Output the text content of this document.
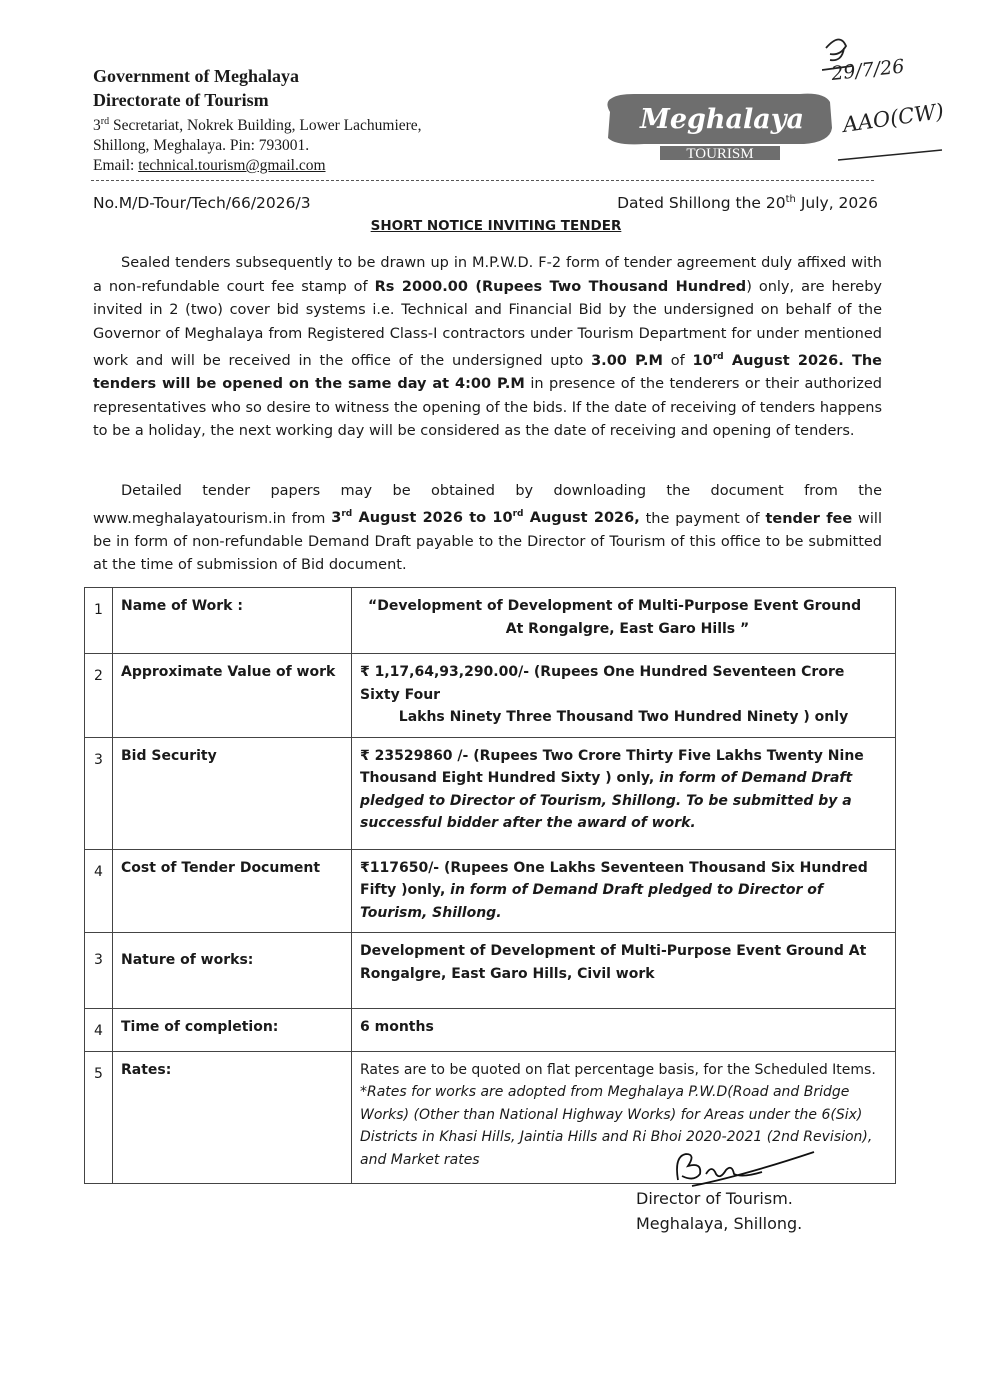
Government of Meghalaya
Directorate of Tourism
3rd Secretariat, Nokrek Building, Lower Lachumiere,
Shillong, Meghalaya. Pin: 793001.
Email: technical.tourism@gmail.com
Meghalaya
TOURISM
29/7/26
AAO(CW)
No.M/D-Tour/Tech/66/2026/3	Dated Shillong the 20th July, 2026
SHORT NOTICE INVITING TENDER
Sealed tenders subsequently to be drawn up in M.P.W.D. F-2 form of tender agreement duly affixed with a non-refundable court fee stamp of Rs 2000.00 (Rupees Two Thousand Hundred) only, are hereby invited in 2 (two) cover bid systems i.e. Technical and Financial Bid by the undersigned on behalf of the Governor of Meghalaya from Registered Class-I contractors under Tourism Department for under mentioned work and will be received in the office of the undersigned upto 3.00 P.M of 10rd August 2026. The tenders will be opened on the same day at 4:00 P.M in presence of the tenderers or their authorized representatives who so desire to witness the opening of the bids. If the date of receiving of tenders happens to be a holiday, the next working day will be considered as the date of receiving and opening of tenders.
Detailed tender papers may be obtained by downloading the document from the www.meghalayatourism.in from 3rd August 2026 to 10rd August 2026, the payment of tender fee will be in form of non-refundable Demand Draft payable to the Director of Tourism of this office to be submitted at the time of submission of Bid document.
1	Name of Work :	“Development of Development of Multi-Purpose Event Ground
At Rongalgre, East Garo Hills ”

2	Approximate Value of work	₹ 1,17,64,93,290.00/- (Rupees One Hundred Seventeen Crore Sixty Four
Lakhs Ninety Three Thousand Two Hundred Ninety ) only

3	Bid Security	₹ 23529860 /- (Rupees Two Crore Thirty Five Lakhs Twenty Nine Thousand Eight Hundred Sixty ) only, in form of Demand Draft pledged to Director of Tourism, Shillong. To be submitted by a successful bidder after the award of work.
4	Cost of Tender Document	₹117650/- (Rupees One Lakhs Seventeen Thousand Six Hundred Fifty )only, in form of Demand Draft pledged to Director of Tourism, Shillong.
3	Nature of works:	Development of Development of Multi-Purpose Event Ground At Rongalgre, East Garo Hills, Civil work
4	Time of completion:	6 months
5	Rates:	Rates are to be quoted on flat percentage basis, for the Scheduled Items. *Rates for works are adopted from Meghalaya P.W.D(Road and Bridge Works) (Other than National Highway Works) for Areas under the 6(Six) Districts in Khasi Hills, Jaintia Hills and Ri Bhoi 2020-2021 (2nd Revision), and Market rates
Director of Tourism.
Meghalaya, Shillong.
